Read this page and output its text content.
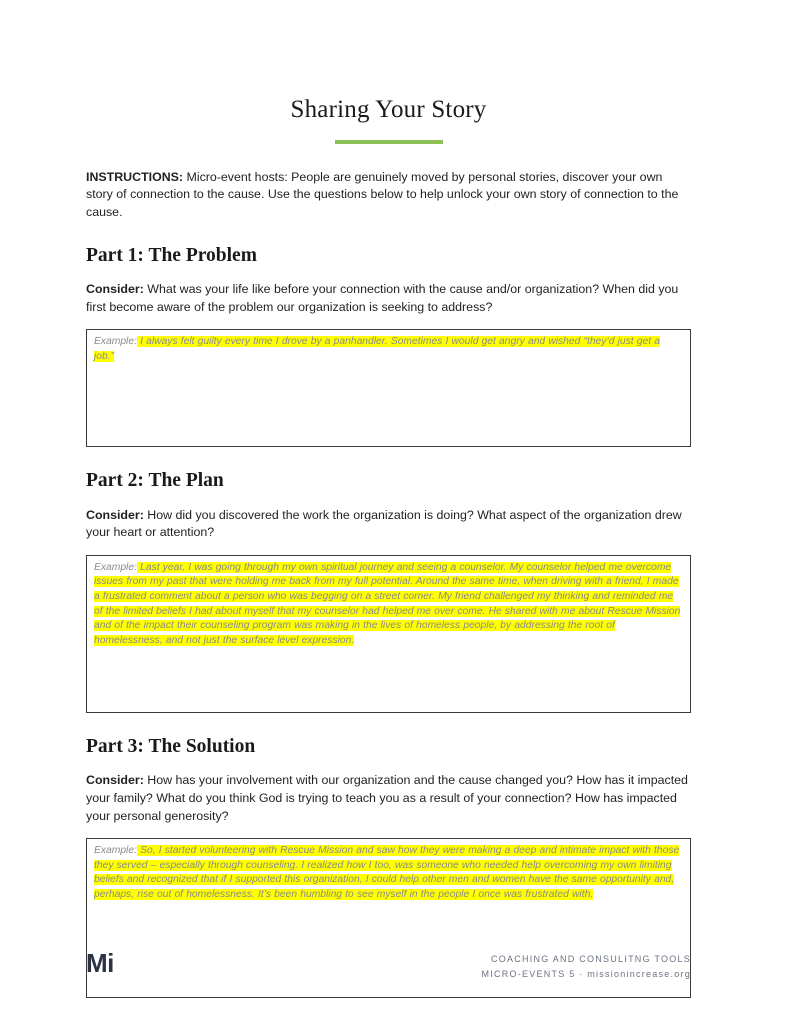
Sharing Your Story

INSTRUCTIONS: Micro-event hosts: People are genuinely moved by personal stories, discover your own story of connection to the cause. Use the questions below to help unlock your own story of connection to the cause.

Part 1: The Problem

Consider: What was your life like before your connection with the cause and/or organization? When did you first become aware of the problem our organization is seeking to address?

Example: I always felt guilty every time I drove by a panhandler. Sometimes I would get angry and wished “they’d just get a job.”

Part 2: The Plan

Consider: How did you discovered the work the organization is doing? What aspect of the organization drew your heart or attention?

Example: Last year, I was going through my own spiritual journey and seeing a counselor. My counselor helped me overcome issues from my past that were holding me back from my full potential. Around the same time, when driving with a friend, I made a frustrated comment about a person who was begging on a street corner. My friend challenged my thinking and reminded me of the limited beliefs I had about myself that my counselor had helped me over come. He shared with me about Rescue Mission and of the impact their counseling program was making in the lives of homeless people, by addressing the root of homelessness, and not just the surface level expression.

Part 3: The Solution

Consider: How has your involvement with our organization and the cause changed you? How has it impacted your family? What do you think God is trying to teach you as a result of your connection? How has impacted your personal generosity?

Example: So, I started volunteering with Rescue Mission and saw how they were making a deep and intimate impact with those they served – especially through counseling. I realized how I too, was someone who needed help overcoming my own limiting beliefs and recognized that if I supported this organization, I could help other men and women have the same opportunity and, perhaps, rise out of homelessness. It’s been humbling to see myself in the people I once was frustrated with.

Mi	COACHING AND CONSULITNG TOOLS
MICRO-EVENTS 5 · missionincrease.org
